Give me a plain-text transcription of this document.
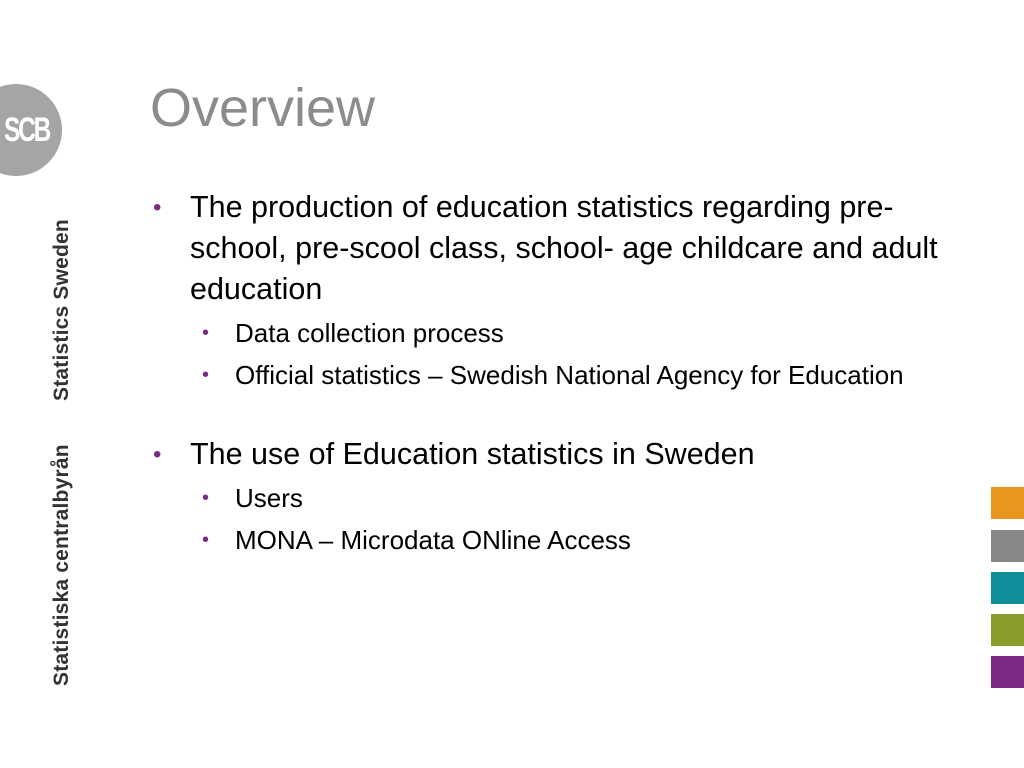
SCB
Statistiska centralbyrån
Statistics Sweden
Overview
• The production of education statistics regarding pre-school, pre-scool class, school- age childcare and adult education
• Data collection process
• Official statistics – Swedish National Agency for Education
• The use of Education statistics in Sweden
• Users
• MONA – Microdata ONline Access
